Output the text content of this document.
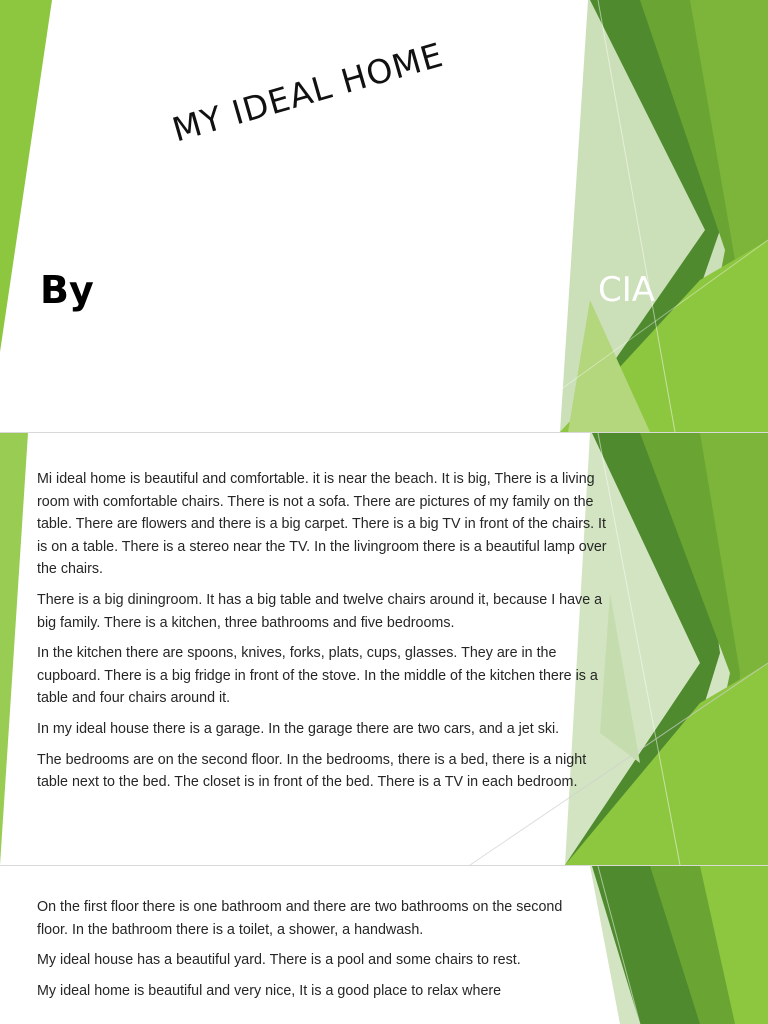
MY IDEAL HOME
By	CIA

Mi ideal home is beautiful and comfortable. it is near the beach. It is big, There is a living room with comfortable chairs. There is not a sofa. There are pictures of my family on the table. There are flowers and there is a big carpet. There is a big TV in front of the chairs. It is on a table. There is a stereo near the TV. In the livingroom there is a beautiful lamp over the chairs.

There is a big diningroom. It has a big table and twelve chairs around it, because I have a big family. There is a kitchen, three bathrooms and five bedrooms.

In the kitchen there are spoons, knives, forks, plats, cups, glasses. They are in the cupboard. There is a big fridge in front of the stove. In the middle of the kitchen there is a table and four chairs around it.

In my ideal house there is a garage. In the garage there are two cars, and a jet ski.

The bedrooms are on the second floor. In the bedrooms, there is a bed, there is a night table next to the bed. The closet is in front of the bed. There is a TV in each bedroom.

On the first floor there is one bathroom and there are two bathrooms on the second floor. In the bathroom there is a toilet, a shower, a handwash.

My ideal house has a beautiful yard. There is a pool and some chairs to rest.

My ideal home is beautiful and very nice, It is a good place to relax where
